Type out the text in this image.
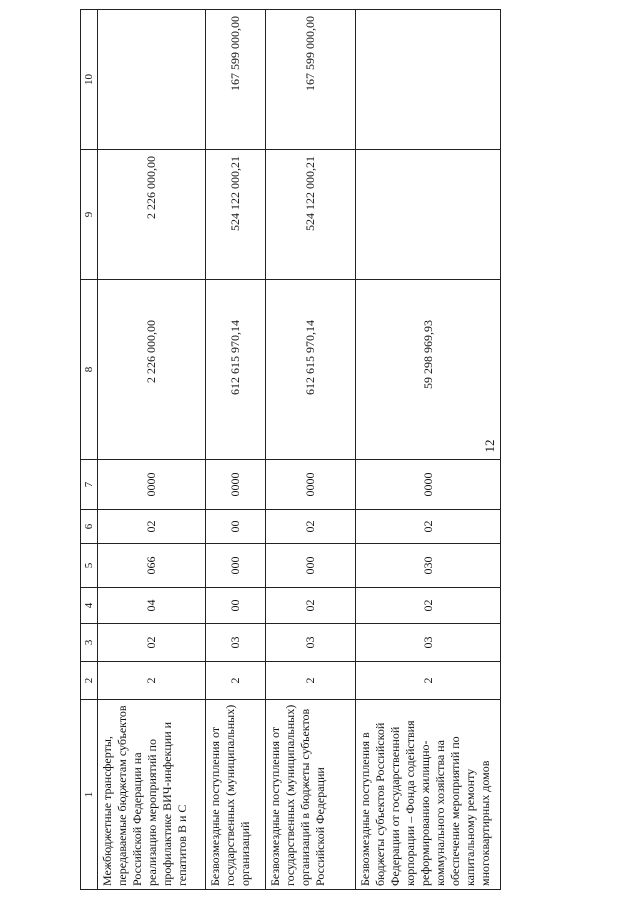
12
1	2	3	4	5	6	7	8	9	10
Межбюджетные трансферты, передаваемые бюджетам субъектов Российской Федерации на реализацию мероприятий по профилактике ВИЧ-инфекции и гепатитов В и С	2	02	04	066	02	0000	2 226 000,00	2 226 000,00	
Безвозмездные поступления от государственных (муниципальных) организаций	2	03	00	000	00	0000	612 615 970,14	524 122 000,21	167 599 000,00
Безвозмездные поступления от государственных (муниципальных) организаций в бюджеты субъектов Российской Федерации	2	03	02	000	02	0000	612 615 970,14	524 122 000,21	167 599 000,00
Безвозмездные поступления в бюджеты субъектов Российской Федерации от государственной корпорации – Фонда содействия реформированию жилищно-коммунального хозяйства на обеспечение мероприятий по капитальному ремонту многоквартирных домов	2	03	02	030	02	0000	59 298 969,93		
